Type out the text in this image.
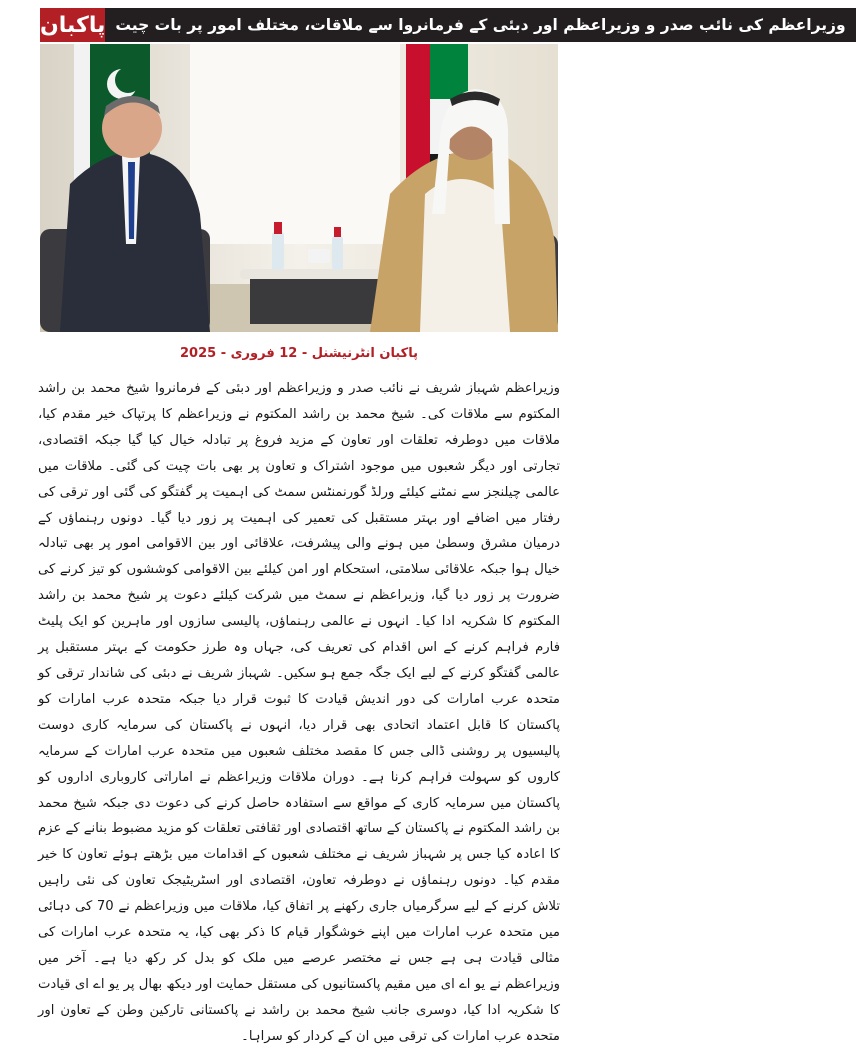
پاکبان وزیراعظم کی نائب صدر و وزیراعظم اور دبئی کے فرمانروا سے ملاقات، مختلف امور پر بات چیت
پاکبان انٹرنیشنل - 12 فروری - 2025
وزیراعظم شہباز شریف نے نائب صدر و وزیراعظم اور دبئی کے فرمانروا شیخ محمد بن راشد المکتوم سے ملاقات کی۔ شیخ محمد بن راشد المکتوم نے وزیراعظم کا پرتپاک خیر مقدم کیا، ملاقات میں دوطرفہ تعلقات اور تعاون کے مزید فروغ پر تبادلہ خیال کیا گیا جبکہ اقتصادی، تجارتی اور دیگر شعبوں میں موجود اشتراک و تعاون پر بھی بات چیت کی گئی۔ ملاقات میں عالمی چیلنجز سے نمٹنے کیلئے ورلڈ گورنمنٹس سمٹ کی اہمیت پر گفتگو کی گئی اور ترقی کی رفتار میں اضافے اور بہتر مستقبل کی تعمیر کی اہمیت پر زور دیا گیا۔ دونوں رہنماؤں کے درمیان مشرق وسطیٰ میں ہونے والی پیشرفت، علاقائی اور بین الاقوامی امور پر بھی تبادلہ خیال ہوا جبکہ علاقائی سلامتی، استحکام اور امن کیلئے بین الاقوامی کوششوں کو تیز کرنے کی ضرورت پر زور دیا گیا، وزیراعظم نے سمٹ میں شرکت کیلئے دعوت پر شیخ محمد بن راشد المکتوم کا شکریہ ادا کیا۔ انہوں نے عالمی رہنماؤں، پالیسی سازوں اور ماہرین کو ایک پلیٹ فارم فراہم کرنے کے اس اقدام کی تعریف کی، جہاں وہ طرز حکومت کے بہتر مستقبل پر عالمی گفتگو کرنے کے لیے ایک جگہ جمع ہو سکیں۔ شہباز شریف نے دبئی کی شاندار ترقی کو متحدہ عرب امارات کی دور اندیش قیادت کا ثبوت قرار دیا جبکہ متحدہ عرب امارات کو پاکستان کا قابل اعتماد اتحادی بھی قرار دیا، انہوں نے پاکستان کی سرمایہ کاری دوست پالیسیوں پر روشنی ڈالی جس کا مقصد مختلف شعبوں میں متحدہ عرب امارات کے سرمایہ کاروں کو سہولت فراہم کرنا ہے۔ دوران ملاقات وزیراعظم نے اماراتی کاروباری اداروں کو پاکستان میں سرمایہ کاری کے مواقع سے استفادہ حاصل کرنے کی دعوت دی جبکہ شیخ محمد بن راشد المکتوم نے پاکستان کے ساتھ اقتصادی اور ثقافتی تعلقات کو مزید مضبوط بنانے کے عزم کا اعادہ کیا جس پر شہباز شریف نے مختلف شعبوں کے اقدامات میں بڑھتے ہوئے تعاون کا خیر مقدم کیا۔ دونوں رہنماؤں نے دوطرفہ تعاون، اقتصادی اور اسٹریٹیجک تعاون کی نئی راہیں تلاش کرنے کے لیے سرگرمیاں جاری رکھنے پر اتفاق کیا، ملاقات میں وزیراعظم نے 70 کی دہائی میں متحدہ عرب امارات میں اپنے خوشگوار قیام کا ذکر بھی کیا، یہ متحدہ عرب امارات کی مثالی قیادت ہی ہے جس نے مختصر عرصے میں ملک کو بدل کر رکھ دیا ہے۔ آخر میں وزیراعظم نے یو اے ای میں مقیم پاکستانیوں کی مستقل حمایت اور دیکھ بھال پر یو اے ای قیادت کا شکریہ ادا کیا، دوسری جانب شیخ محمد بن راشد نے پاکستانی تارکین وطن کے تعاون اور متحدہ عرب امارات کی ترقی میں ان کے کردار کو سراہا۔
